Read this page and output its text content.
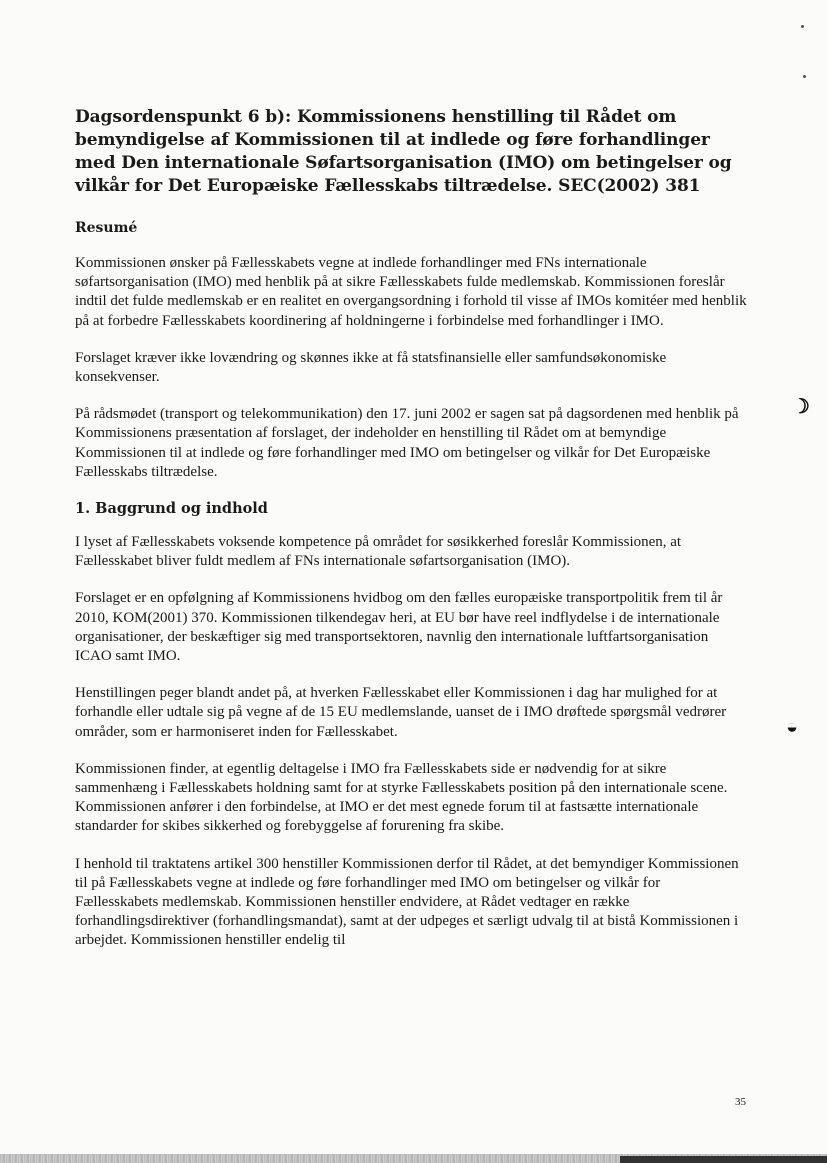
Dagsordenspunkt 6 b): Kommissionens henstilling til Rådet om bemyndigelse af Kommissionen til at indlede og føre forhandlinger med Den internationale Søfartsorganisation (IMO) om betingelser og vilkår for Det Europæiske Fællesskabs tiltrædelse. SEC(2002) 381
Resumé

Kommissionen ønsker på Fællesskabets vegne at indlede forhandlinger med FNs internationale søfartsorganisation (IMO) med henblik på at sikre Fællesskabets fulde medlemskab. Kommissionen foreslår indtil det fulde medlemskab er en realitet en overgangsordning i forhold til visse af IMOs komitéer med henblik på at forbedre Fællesskabets koordinering af holdningerne i forbindelse med forhandlinger i IMO.

Forslaget kræver ikke lovændring og skønnes ikke at få statsfinansielle eller samfundsøkonomiske konsekvenser.

På rådsmødet (transport og telekommunikation) den 17. juni 2002 er sagen sat på dagsordenen med henblik på Kommissionens præsentation af forslaget, der indeholder en henstilling til Rådet om at bemyndige Kommissionen til at indlede og føre forhandlinger med IMO om betingelser og vilkår for Det Europæiske Fællesskabs tiltrædelse.

1. Baggrund og indhold

I lyset af Fællesskabets voksende kompetence på området for søsikkerhed foreslår Kommissionen, at Fællesskabet bliver fuldt medlem af FNs internationale søfartsorganisation (IMO).

Forslaget er en opfølgning af Kommissionens hvidbog om den fælles europæiske transportpolitik frem til år 2010, KOM(2001) 370. Kommissionen tilkendegav heri, at EU bør have reel indflydelse i de internationale organisationer, der beskæftiger sig med transportsektoren, navnlig den internationale luftfartsorganisation ICAO samt IMO.

Henstillingen peger blandt andet på, at hverken Fællesskabet eller Kommissionen i dag har mulighed for at forhandle eller udtale sig på vegne af de 15 EU medlemslande, uanset de i IMO drøftede spørgsmål vedrører områder, som er harmoniseret inden for Fællesskabet.

Kommissionen finder, at egentlig deltagelse i IMO fra Fællesskabets side er nødvendig for at sikre sammenhæng i Fællesskabets holdning samt for at styrke Fællesskabets position på den internationale scene. Kommissionen anfører i den forbindelse, at IMO er det mest egnede forum til at fastsætte internationale standarder for skibes sikkerhed og forebyggelse af forurening fra skibe.

I henhold til traktatens artikel 300 henstiller Kommissionen derfor til Rådet, at det bemyndiger Kommissionen til på Fællesskabets vegne at indlede og føre forhandlinger med IMO om betingelser og vilkår for Fællesskabets medlemskab. Kommissionen henstiller endvidere, at Rådet vedtager en række forhandlingsdirektiver (forhandlingsmandat), samt at der udpeges et særligt udvalg til at bistå Kommissionen i arbejdet. Kommissionen henstiller endelig til

☽
◒
35
